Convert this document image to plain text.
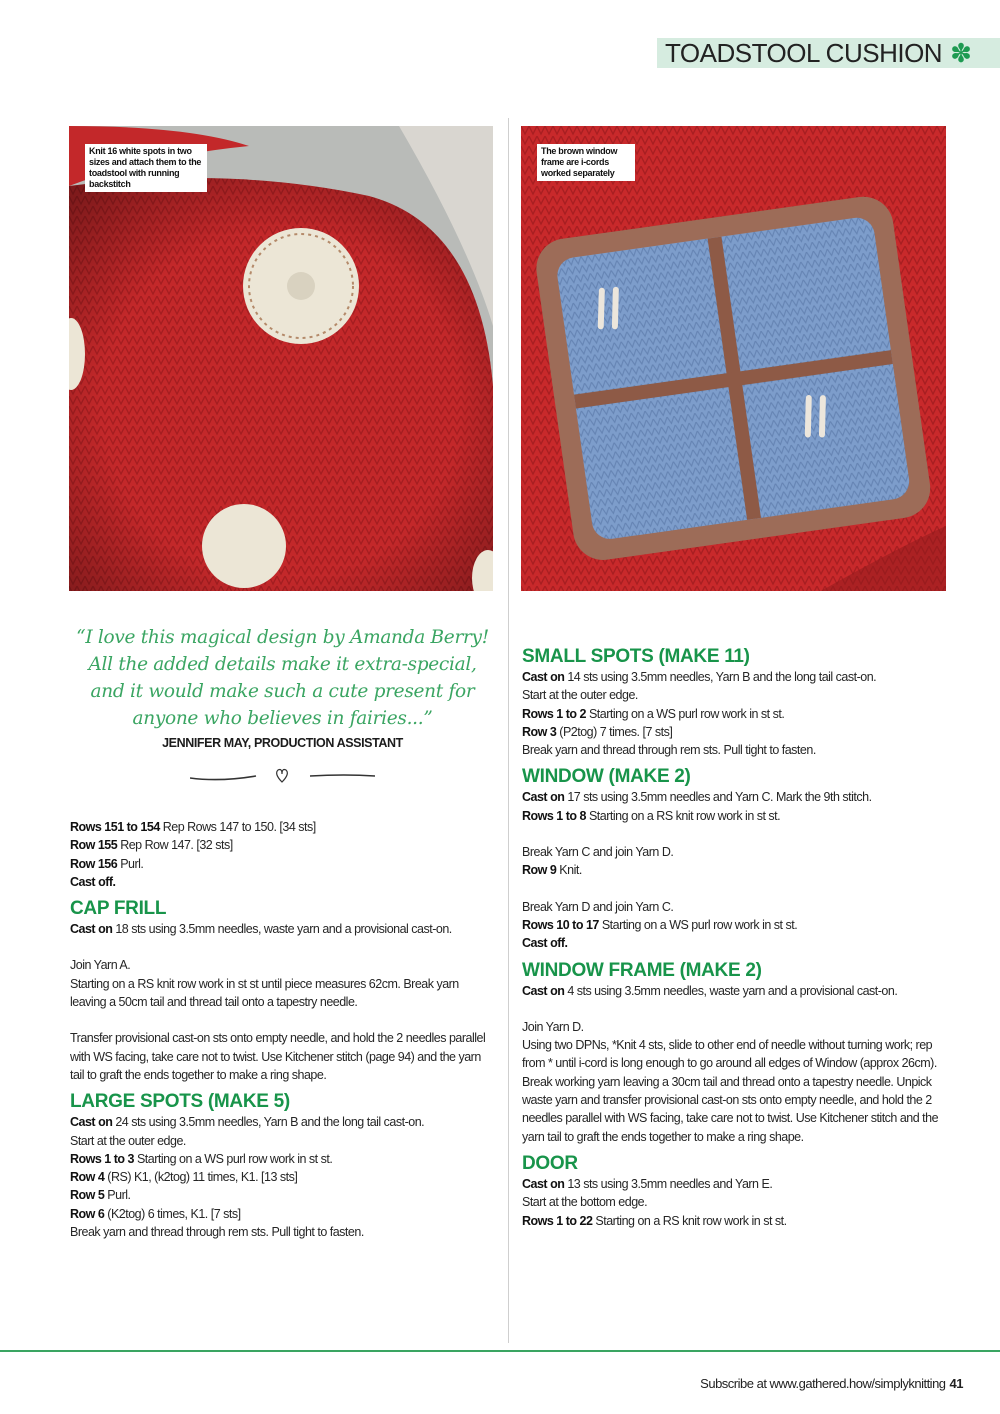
TOADSTOOL CUSHION ✽
Knit 16 white spots in two sizes and attach them to the toadstool with running backstitch
The brown window frame are i-cords worked separately
“I love this magical design by Amanda Berry! All the added details make it extra-special, and it would make such a cute present for anyone who believes in fairies...”
JENNIFER MAY, PRODUCTION ASSISTANT

Rows 151 to 154 Rep Rows 147 to 150. [34 sts]

Row 155 Rep Row 147. [32 sts]

Row 156 Purl.

Cast off.

CAP FRILL

Cast on 18 sts using 3.5mm needles, waste yarn and a provisional cast-on.

Join Yarn A.

Starting on a RS knit row work in st st until piece measures 62cm. Break yarn leaving a 50cm tail and thread tail onto a tapestry needle.

Transfer provisional cast-on sts onto empty needle, and hold the 2 needles parallel with WS facing, take care not to twist. Use Kitchener stitch (page 94) and the yarn tail to graft the ends together to make a ring shape.

LARGE SPOTS (MAKE 5)

Cast on 24 sts using 3.5mm needles, Yarn B and the long tail cast-on.

Start at the outer edge.

Rows 1 to 3 Starting on a WS purl row work in st st.

Row 4 (RS) K1, (k2tog) 11 times, K1. [13 sts]

Row 5 Purl.

Row 6 (K2tog) 6 times, K1. [7 sts]

Break yarn and thread through rem sts. Pull tight to fasten.

SMALL SPOTS (MAKE 11)

Cast on 14 sts using 3.5mm needles, Yarn B and the long tail cast-on.

Start at the outer edge.

Rows 1 to 2 Starting on a WS purl row work in st st.

Row 3 (P2tog) 7 times. [7 sts]

Break yarn and thread through rem sts. Pull tight to fasten.

WINDOW (MAKE 2)

Cast on 17 sts using 3.5mm needles and Yarn C. Mark the 9th stitch.

Rows 1 to 8 Starting on a RS knit row work in st st.

Break Yarn C and join Yarn D.

Row 9 Knit.

Break Yarn D and join Yarn C.

Rows 10 to 17 Starting on a WS purl row work in st st.

Cast off.

WINDOW FRAME (MAKE 2)

Cast on 4 sts using 3.5mm needles, waste yarn and a provisional cast-on.

Join Yarn D.

Using two DPNs, *Knit 4 sts, slide to other end of needle without turning work; rep from * until i-cord is long enough to go around all edges of Window (approx 26cm). Break working yarn leaving a 30cm tail and thread onto a tapestry needle. Unpick waste yarn and transfer provisional cast-on sts onto empty needle, and hold the 2 needles parallel with WS facing, take care not to twist. Use Kitchener stitch and the yarn tail to graft the ends together to make a ring shape.

DOOR

Cast on 13 sts using 3.5mm needles and Yarn E.

Start at the bottom edge.

Rows 1 to 22 Starting on a RS knit row work in st st.

Subscribe at www.gathered.how/simplyknitting 41
